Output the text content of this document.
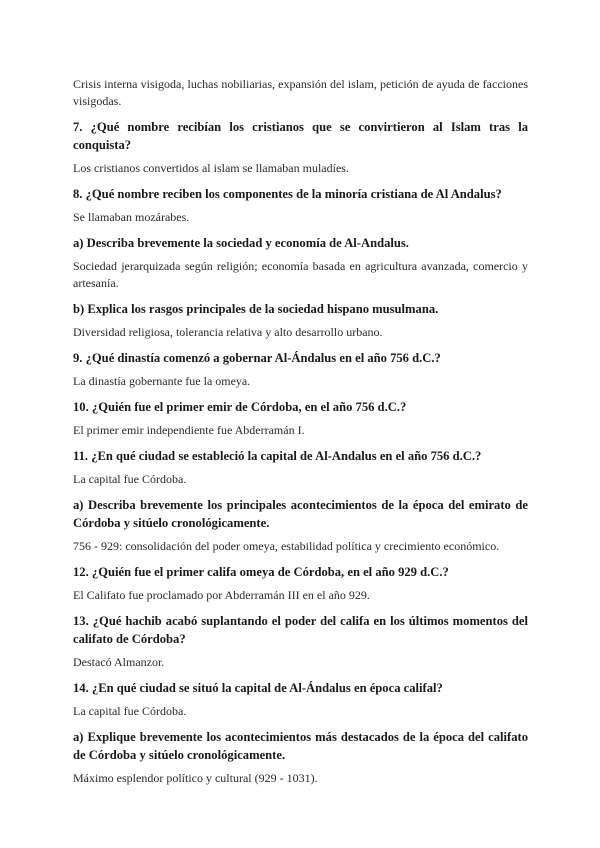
Crisis interna visigoda, luchas nobiliarias, expansión del islam, petición de ayuda de facciones visigodas.

7. ¿Qué nombre recibían los cristianos que se convirtieron al Islam tras la conquista?

Los cristianos convertidos al islam se llamaban muladíes.

8. ¿Qué nombre reciben los componentes de la minoría cristiana de Al Andalus?

Se llamaban mozárabes.

a) Describa brevemente la sociedad y economía de Al-Andalus.

Sociedad jerarquizada según religión; economía basada en agricultura avanzada, comercio y artesanía.

b) Explica los rasgos principales de la sociedad hispano musulmana.

Diversidad religiosa, tolerancia relativa y alto desarrollo urbano.

9. ¿Qué dinastía comenzó a gobernar Al-Ándalus en el año 756 d.C.?

La dinastía gobernante fue la omeya.

10. ¿Quién fue el primer emir de Córdoba, en el año 756 d.C.?

El primer emir independiente fue Abderramán I.

11. ¿En qué ciudad se estableció la capital de Al-Andalus en el año 756 d.C.?

La capital fue Córdoba.

a) Describa brevemente los principales acontecimientos de la época del emirato de Córdoba y sitúelo cronológicamente.

756 - 929: consolidación del poder omeya, estabilidad política y crecimiento económico.

12. ¿Quién fue el primer califa omeya de Córdoba, en el año 929 d.C.?

El Califato fue proclamado por Abderramán III en el año 929.

13. ¿Qué hachib acabó suplantando el poder del califa en los últimos momentos del califato de Córdoba?

Destacó Almanzor.

14. ¿En qué ciudad se situó la capital de Al-Ándalus en época califal?

La capital fue Córdoba.

a) Explique brevemente los acontecimientos más destacados de la época del califato de Córdoba y sitúelo cronológicamente.

Máximo esplendor político y cultural (929 - 1031).
